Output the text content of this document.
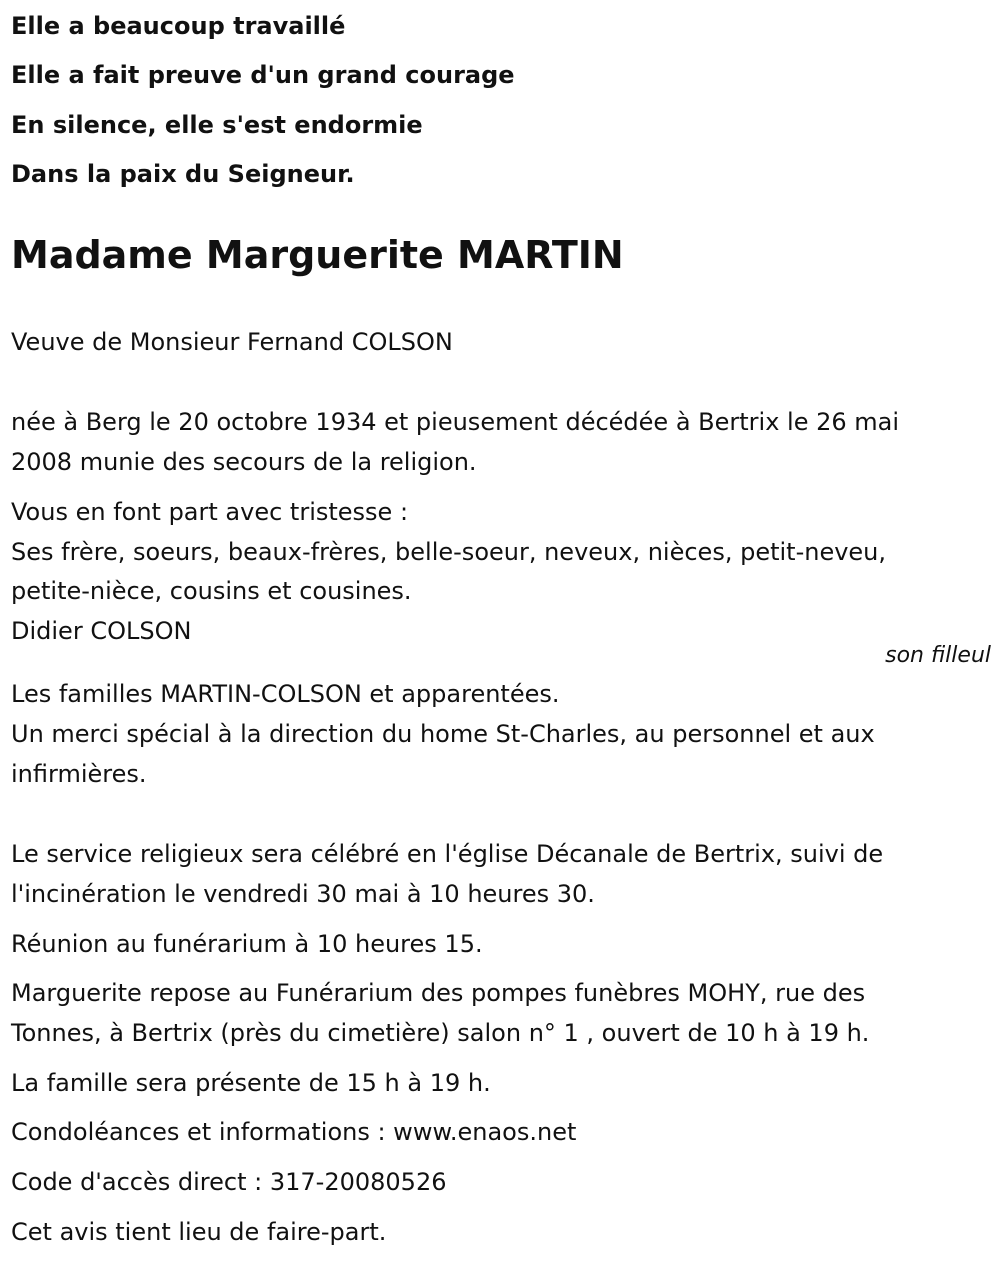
Elle a beaucoup travaillé
Elle a fait preuve d'un grand courage
En silence, elle s'est endormie
Dans la paix du Seigneur.
Madame Marguerite MARTIN
Veuve de Monsieur Fernand COLSON
née à Berg le 20 octobre 1934 et pieusement décédée à Bertrix le 26 mai
2008 munie des secours de la religion.
Vous en font part avec tristesse :
Ses frère, soeurs, beaux-frères, belle-soeur, neveux, nièces, petit-neveu,
petite-nièce, cousins et cousines.
Didier COLSON
son filleul
Les familles MARTIN-COLSON et apparentées.
Un merci spécial à la direction du home St-Charles, au personnel et aux
infirmières.
Le service religieux sera célébré en l'église Décanale de Bertrix, suivi de
l'incinération le vendredi 30 mai à 10 heures 30.
Réunion au funérarium à 10 heures 15.
Marguerite repose au Funérarium des pompes funèbres MOHY, rue des
Tonnes, à Bertrix (près du cimetière) salon n° 1 , ouvert de 10 h à 19 h.
La famille sera présente de 15 h à 19 h.
Condoléances et informations : www.enaos.net
Code d'accès direct : 317-20080526
Cet avis tient lieu de faire-part.
